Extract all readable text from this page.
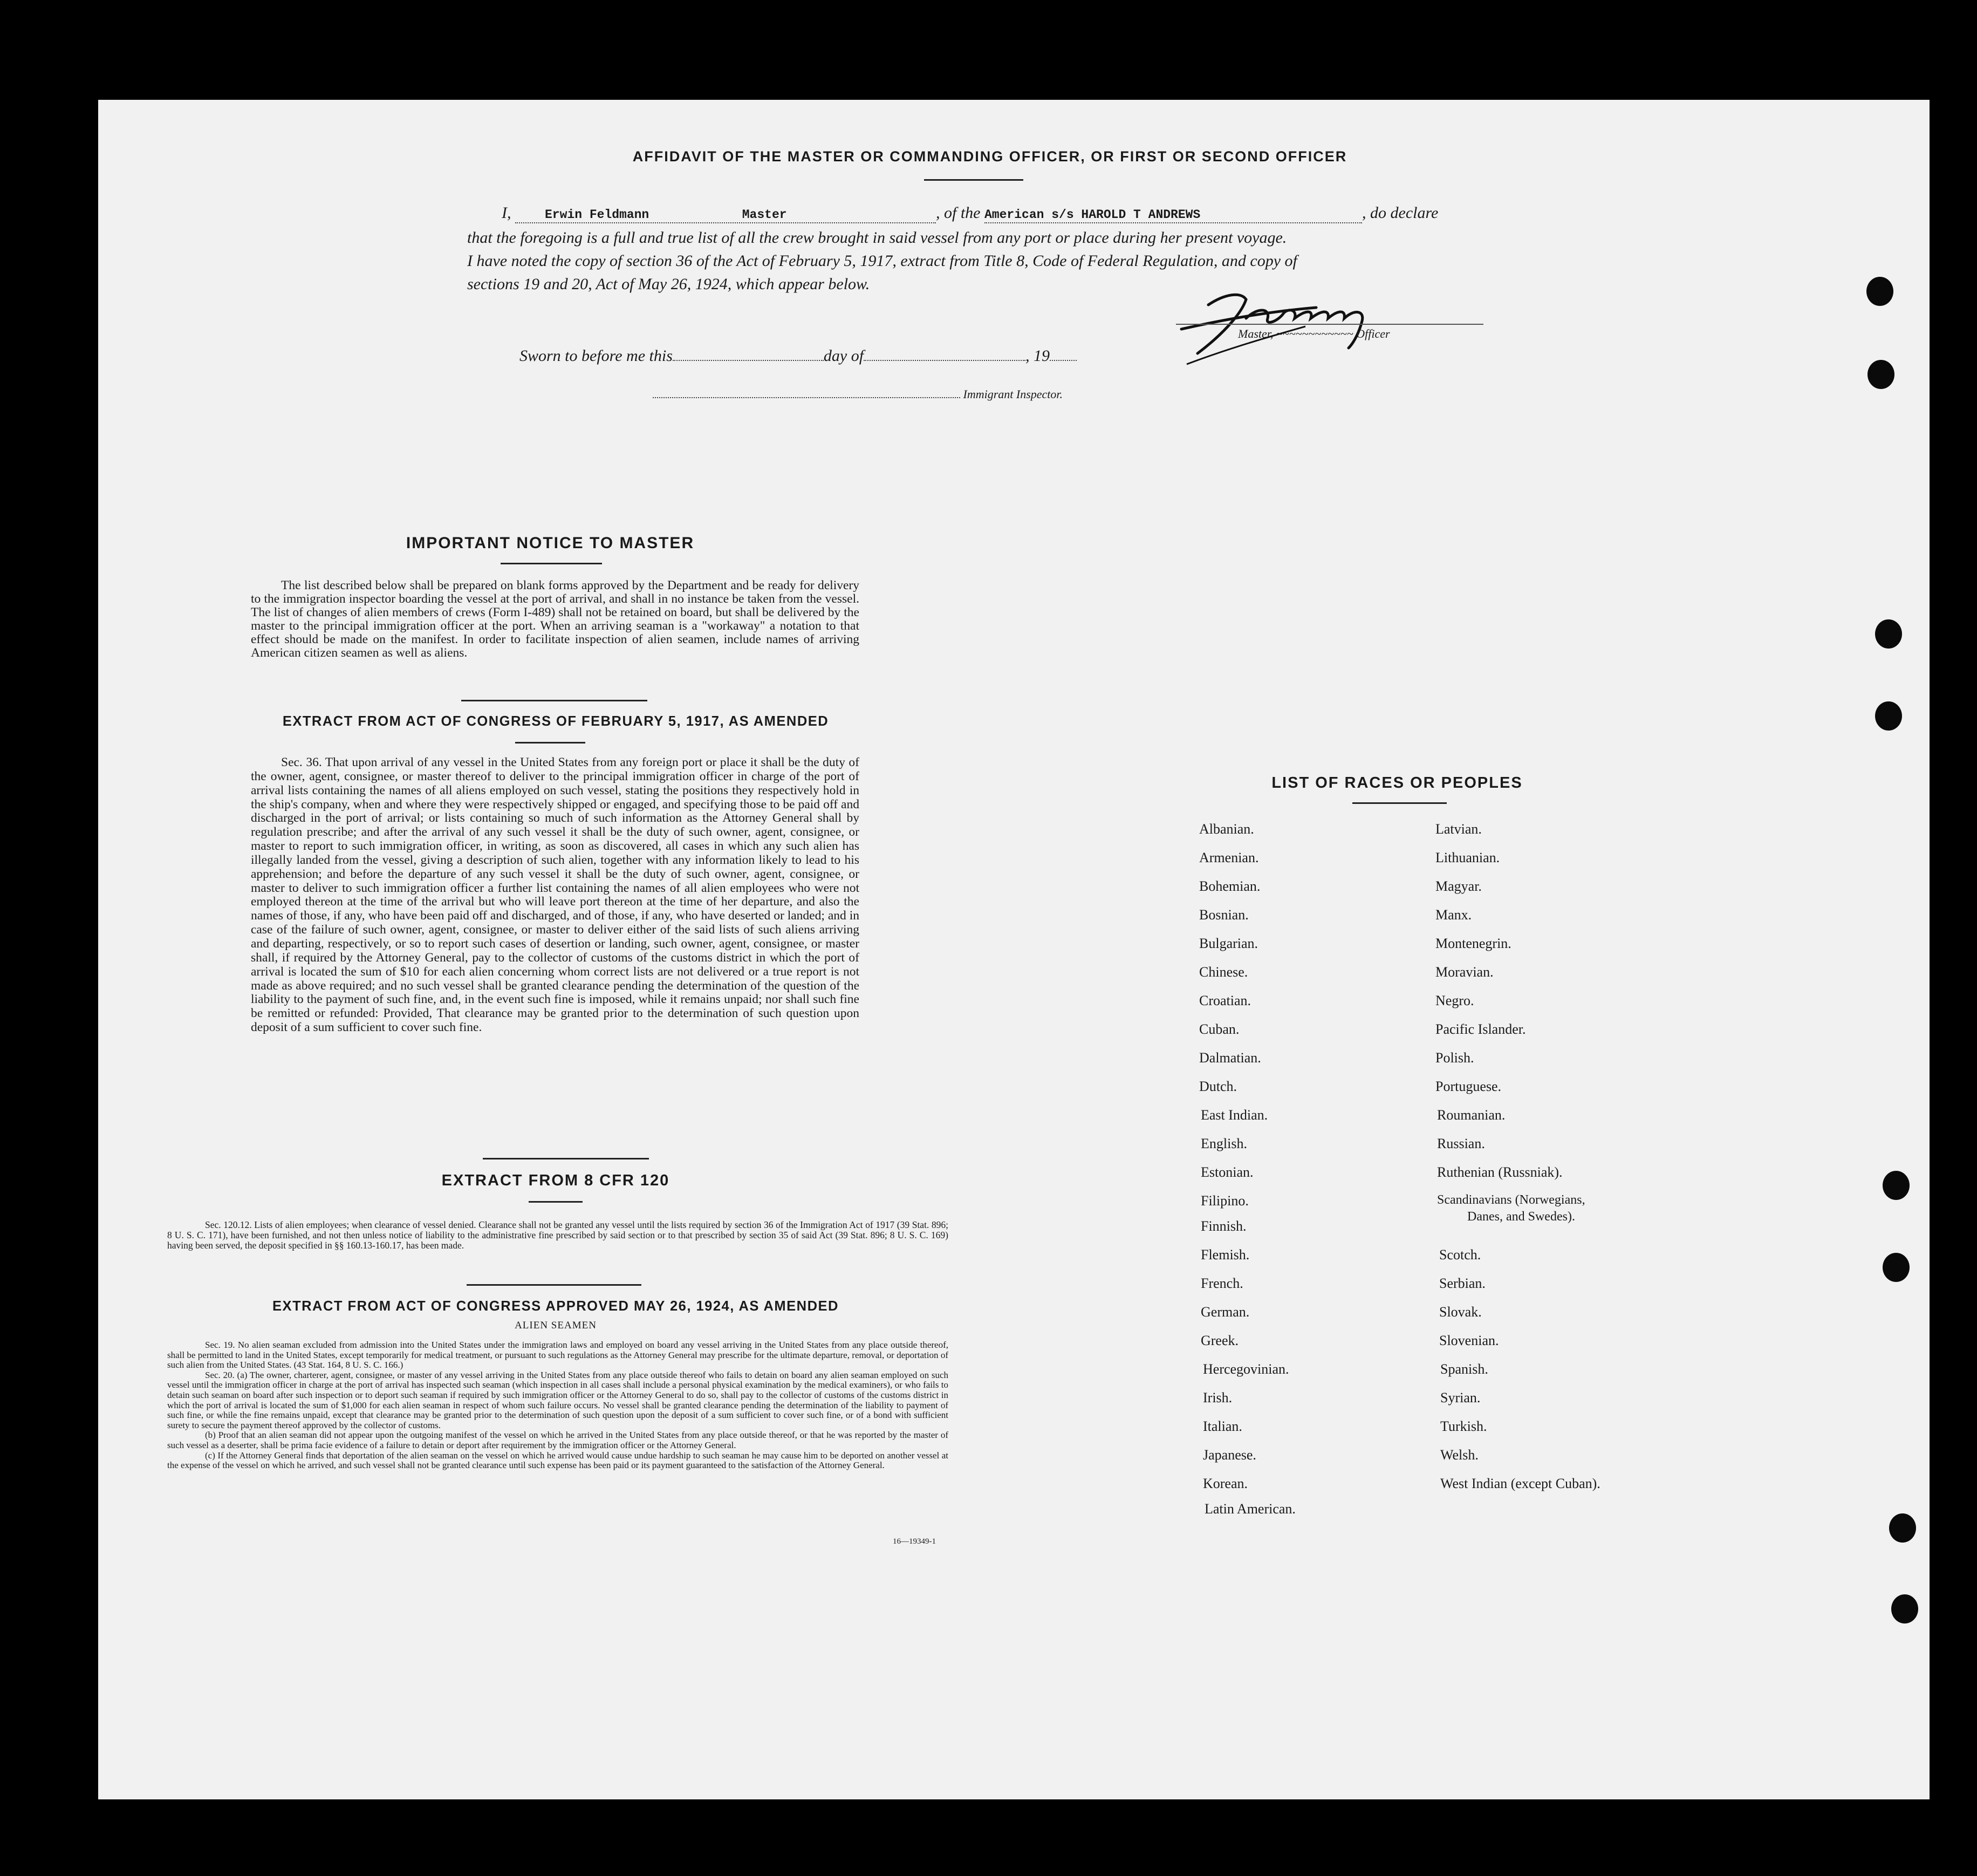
AFFIDAVIT OF THE MASTER OR COMMANDING OFFICER, OR FIRST OR SECOND OFFICER
I,	Erwin Feldmann	Master	, of the American s/s HAROLD T ANDREWS	, do declare
that the foregoing is a full and true list of all the crew brought in said vessel from any port or place during her present voyage.
I have noted the copy of section 36 of the Act of February 5, 1917, extract from Title 8, Code of Federal Regulation, and copy of
sections 19 and 20, Act of May 26, 1924, which appear below.
Master, ~~~~~~~~~~~~ Officer
Sworn to before me this	day of	, 19
Immigrant Inspector.
IMPORTANT NOTICE TO MASTER
The list described below shall be prepared on blank forms approved by the Department and be ready for delivery to the immigration inspector boarding the vessel at the port of arrival, and shall in no instance be taken from the vessel. The list of changes of alien members of crews (Form I-489) shall not be retained on board, but shall be delivered by the master to the principal immigration officer at the port. When an arriving seaman is a "workaway" a notation to that effect should be made on the manifest. In order to facilitate inspection of alien seamen, include names of arriving American citizen seamen as well as aliens.
EXTRACT FROM ACT OF CONGRESS OF FEBRUARY 5, 1917, AS AMENDED
Sec. 36. That upon arrival of any vessel in the United States from any foreign port or place it shall be the duty of the owner, agent, consignee, or master thereof to deliver to the principal immigration officer in charge of the port of arrival lists containing the names of all aliens employed on such vessel, stating the positions they respectively hold in the ship's company, when and where they were respectively shipped or engaged, and specifying those to be paid off and discharged in the port of arrival; or lists containing so much of such information as the Attorney General shall by regulation prescribe; and after the arrival of any such vessel it shall be the duty of such owner, agent, consignee, or master to report to such immigration officer, in writing, as soon as discovered, all cases in which any such alien has illegally landed from the vessel, giving a description of such alien, together with any information likely to lead to his apprehension; and before the departure of any such vessel it shall be the duty of such owner, agent, consignee, or master to deliver to such immigration officer a further list containing the names of all alien employees who were not employed thereon at the time of the arrival but who will leave port thereon at the time of her departure, and also the names of those, if any, who have been paid off and discharged, and of those, if any, who have deserted or landed; and in case of the failure of such owner, agent, consignee, or master to deliver either of the said lists of such aliens arriving and departing, respectively, or so to report such cases of desertion or landing, such owner, agent, consignee, or master shall, if required by the Attorney General, pay to the collector of customs of the customs district in which the port of arrival is located the sum of $10 for each alien concerning whom correct lists are not delivered or a true report is not made as above required; and no such vessel shall be granted clearance pending the determination of the question of the liability to the payment of such fine, and, in the event such fine is imposed, while it remains unpaid; nor shall such fine be remitted or refunded: Provided, That clearance may be granted prior to the determination of such question upon deposit of a sum sufficient to cover such fine.
EXTRACT FROM 8 CFR 120
Sec. 120.12. Lists of alien employees; when clearance of vessel denied. Clearance shall not be granted any vessel until the lists required by section 36 of the Immigration Act of 1917 (39 Stat. 896; 8 U. S. C. 171), have been furnished, and not then unless notice of liability to the administrative fine prescribed by said section or to that prescribed by section 35 of said Act (39 Stat. 896; 8 U. S. C. 169) having been served, the deposit specified in §§ 160.13-160.17, has been made.
EXTRACT FROM ACT OF CONGRESS APPROVED MAY 26, 1924, AS AMENDED
ALIEN SEAMEN
Sec. 19. No alien seaman excluded from admission into the United States under the immigration laws and employed on board any vessel arriving in the United States from any place outside thereof, shall be permitted to land in the United States, except temporarily for medical treatment, or pursuant to such regulations as the Attorney General may prescribe for the ultimate departure, removal, or deportation of such alien from the United States. (43 Stat. 164, 8 U. S. C. 166.)
Sec. 20. (a) The owner, charterer, agent, consignee, or master of any vessel arriving in the United States from any place outside thereof who fails to detain on board any alien seaman employed on such vessel until the immigration officer in charge at the port of arrival has inspected such seaman (which inspection in all cases shall include a personal physical examination by the medical examiners), or who fails to detain such seaman on board after such inspection or to deport such seaman if required by such immigration officer or the Attorney General to do so, shall pay to the collector of customs of the customs district in which the port of arrival is located the sum of $1,000 for each alien seaman in respect of whom such failure occurs. No vessel shall be granted clearance pending the determination of the liability to payment of such fine, or while the fine remains unpaid, except that clearance may be granted prior to the determination of such question upon the deposit of a sum sufficient to cover such fine, or of a bond with sufficient surety to secure the payment thereof approved by the collector of customs.
(b) Proof that an alien seaman did not appear upon the outgoing manifest of the vessel on which he arrived in the United States from any place outside thereof, or that he was reported by the master of such vessel as a deserter, shall be prima facie evidence of a failure to detain or deport after requirement by the immigration officer or the Attorney General.
(c) If the Attorney General finds that deportation of the alien seaman on the vessel on which he arrived would cause undue hardship to such seaman he may cause him to be deported on another vessel at the expense of the vessel on which he arrived, and such vessel shall not be granted clearance until such expense has been paid or its payment guaranteed to the satisfaction of the Attorney General.
16—19349-1
LIST OF RACES OR PEOPLES
Albanian.
Armenian.
Bohemian.
Bosnian.
Bulgarian.
Chinese.
Croatian.
Cuban.
Dalmatian.
Dutch.
East Indian.
English.
Estonian.
Filipino.
Finnish.
Flemish.
French.
German.
Greek.
Hercegovinian.
Irish.
Italian.
Japanese.
Korean.
Latin American.
Latvian.
Lithuanian.
Magyar.
Manx.
Montenegrin.
Moravian.
Negro.
Pacific Islander.
Polish.
Portuguese.
Roumanian.
Russian.
Ruthenian (Russniak).
Scandinavians (Norwegians,
Danes, and Swedes).
Scotch.
Serbian.
Slovak.
Slovenian.
Spanish.
Syrian.
Turkish.
Welsh.
West Indian (except Cuban).
